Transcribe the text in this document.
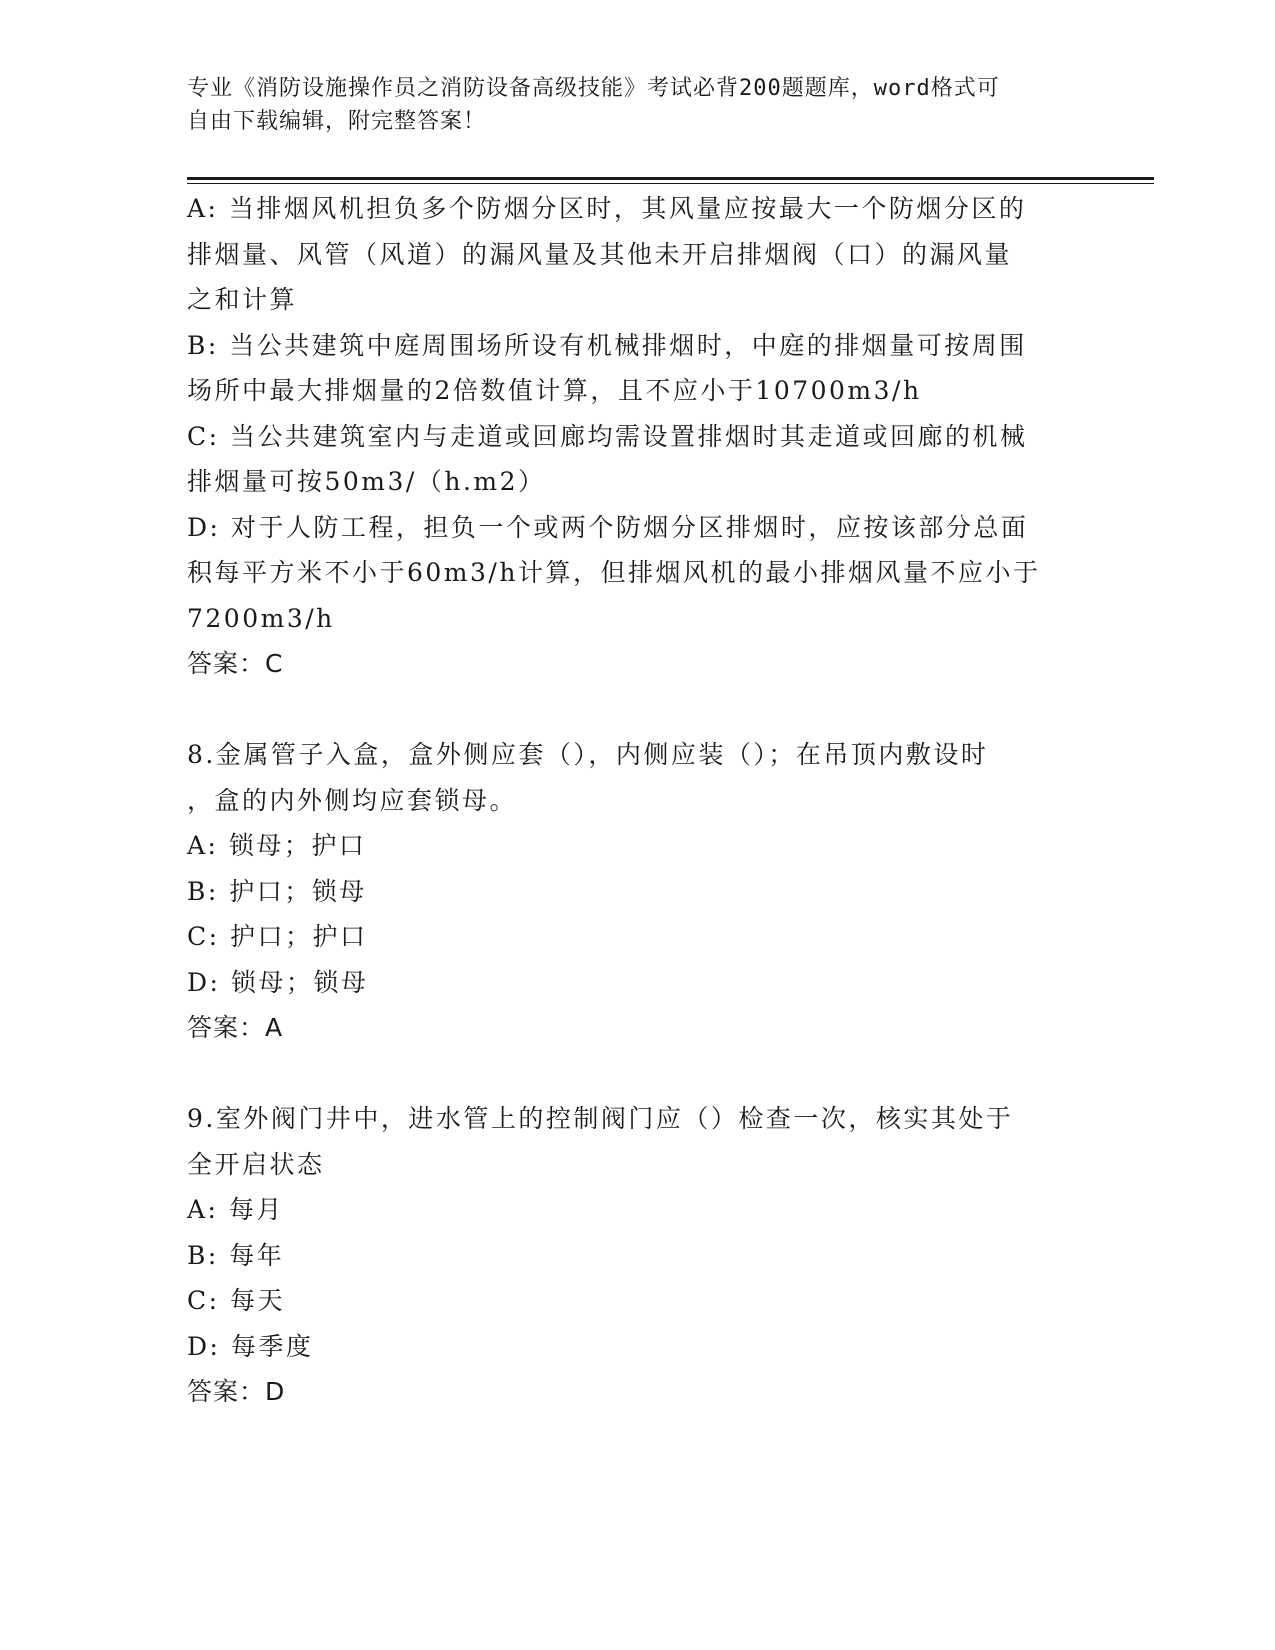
专业《消防设施操作员之消防设备高级技能》考试必背200题题库，word格式可
自由下载编辑，附完整答案！
A: 当排烟风机担负多个防烟分区时，其风量应按最大一个防烟分区的
排烟量、风管（风道）的漏风量及其他未开启排烟阀（口）的漏风量
之和计算
B: 当公共建筑中庭周围场所设有机械排烟时，中庭的排烟量可按周围
场所中最大排烟量的2倍数值计算，且不应小于10700m3/h
C: 当公共建筑室内与走道或回廊均需设置排烟时其走道或回廊的机械
排烟量可按50m3/（h.m2）
D: 对于人防工程，担负一个或两个防烟分区排烟时，应按该部分总面
积每平方米不小于60m3/h计算，但排烟风机的最小排烟风量不应小于
7200m3/h
答案：C
8.金属管子入盒，盒外侧应套（），内侧应装（）；在吊顶内敷设时
，盒的内外侧均应套锁母。
A: 锁母；护口
B: 护口；锁母
C: 护口；护口
D: 锁母；锁母
答案：A
9.室外阀门井中，进水管上的控制阀门应（）检查一次，核实其处于
全开启状态
A: 每月
B: 每年
C: 每天
D: 每季度
答案：D
